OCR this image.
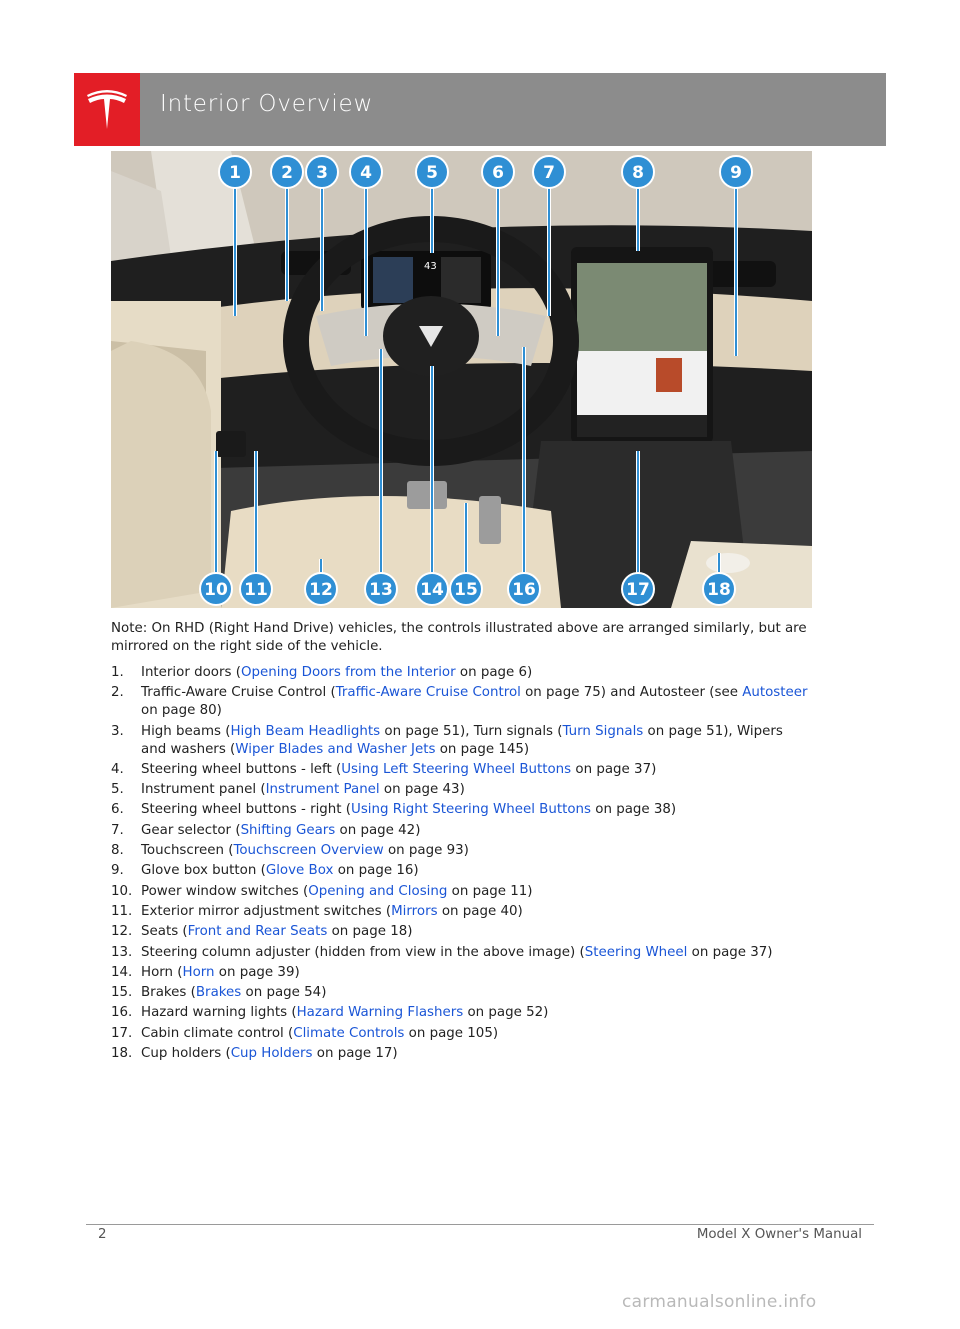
Interior Overview
43
1 2 3 4	5	6 7	8	9
10 11 12 13 14 15 16	17	18
Note: On RHD (Right Hand Drive) vehicles, the controls illustrated above are arranged similarly, but are mirrored on the right side of the vehicle.
1. Interior doors (Opening Doors from the Interior on page 6)
2. Traffic-Aware Cruise Control (Traffic-Aware Cruise Control on page 75) and Autosteer (see Autosteer on page 80)
3. High beams (High Beam Headlights on page 51), Turn signals (Turn Signals on page 51), Wipers and washers (Wiper Blades and Washer Jets on page 145)
4. Steering wheel buttons - left (Using Left Steering Wheel Buttons on page 37)
5. Instrument panel (Instrument Panel on page 43)
6. Steering wheel buttons - right (Using Right Steering Wheel Buttons on page 38)
7. Gear selector (Shifting Gears on page 42)
8. Touchscreen (Touchscreen Overview on page 93)
9. Glove box button (Glove Box on page 16)
10. Power window switches (Opening and Closing on page 11)
11. Exterior mirror adjustment switches (Mirrors on page 40)
12. Seats (Front and Rear Seats on page 18)
13. Steering column adjuster (hidden from view in the above image) (Steering Wheel on page 37)
14. Horn (Horn on page 39)
15. Brakes (Brakes on page 54)
16. Hazard warning lights (Hazard Warning Flashers on page 52)
17. Cabin climate control (Climate Controls on page 105)
18. Cup holders (Cup Holders on page 17)
2	Model X Owner's Manual
carmanualsonline.info
